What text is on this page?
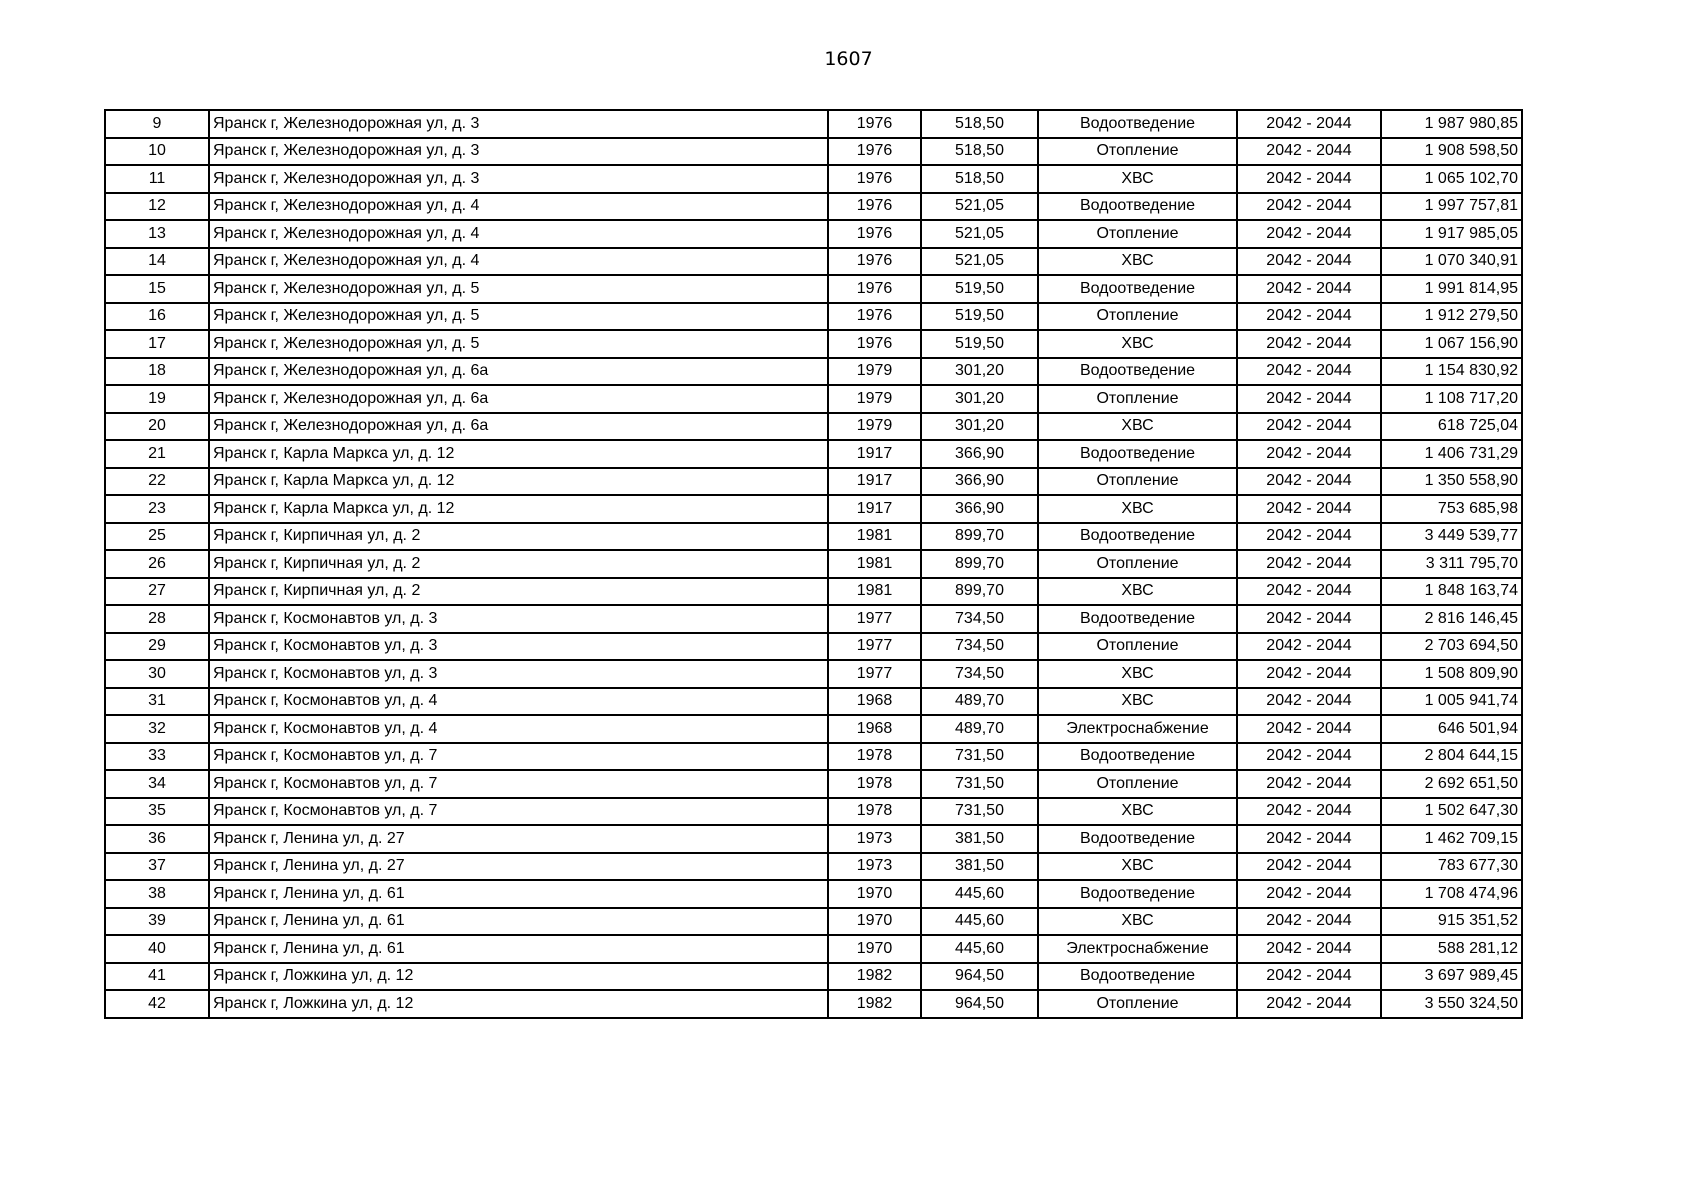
1607
9	Яранск г, Железнодорожная ул, д. 3	1976	518,50	Водоотведение	2042 - 2044	1 987 980,85
10	Яранск г, Железнодорожная ул, д. 3	1976	518,50	Отопление	2042 - 2044	1 908 598,50
11	Яранск г, Железнодорожная ул, д. 3	1976	518,50	ХВС	2042 - 2044	1 065 102,70
12	Яранск г, Железнодорожная ул, д. 4	1976	521,05	Водоотведение	2042 - 2044	1 997 757,81
13	Яранск г, Железнодорожная ул, д. 4	1976	521,05	Отопление	2042 - 2044	1 917 985,05
14	Яранск г, Железнодорожная ул, д. 4	1976	521,05	ХВС	2042 - 2044	1 070 340,91
15	Яранск г, Железнодорожная ул, д. 5	1976	519,50	Водоотведение	2042 - 2044	1 991 814,95
16	Яранск г, Железнодорожная ул, д. 5	1976	519,50	Отопление	2042 - 2044	1 912 279,50
17	Яранск г, Железнодорожная ул, д. 5	1976	519,50	ХВС	2042 - 2044	1 067 156,90
18	Яранск г, Железнодорожная ул, д. 6а	1979	301,20	Водоотведение	2042 - 2044	1 154 830,92
19	Яранск г, Железнодорожная ул, д. 6а	1979	301,20	Отопление	2042 - 2044	1 108 717,20
20	Яранск г, Железнодорожная ул, д. 6а	1979	301,20	ХВС	2042 - 2044	618 725,04
21	Яранск г, Карла Маркса ул, д. 12	1917	366,90	Водоотведение	2042 - 2044	1 406 731,29
22	Яранск г, Карла Маркса ул, д. 12	1917	366,90	Отопление	2042 - 2044	1 350 558,90
23	Яранск г, Карла Маркса ул, д. 12	1917	366,90	ХВС	2042 - 2044	753 685,98
25	Яранск г, Кирпичная ул, д. 2	1981	899,70	Водоотведение	2042 - 2044	3 449 539,77
26	Яранск г, Кирпичная ул, д. 2	1981	899,70	Отопление	2042 - 2044	3 311 795,70
27	Яранск г, Кирпичная ул, д. 2	1981	899,70	ХВС	2042 - 2044	1 848 163,74
28	Яранск г, Космонавтов ул, д. 3	1977	734,50	Водоотведение	2042 - 2044	2 816 146,45
29	Яранск г, Космонавтов ул, д. 3	1977	734,50	Отопление	2042 - 2044	2 703 694,50
30	Яранск г, Космонавтов ул, д. 3	1977	734,50	ХВС	2042 - 2044	1 508 809,90
31	Яранск г, Космонавтов ул, д. 4	1968	489,70	ХВС	2042 - 2044	1 005 941,74
32	Яранск г, Космонавтов ул, д. 4	1968	489,70	Электроснабжение	2042 - 2044	646 501,94
33	Яранск г, Космонавтов ул, д. 7	1978	731,50	Водоотведение	2042 - 2044	2 804 644,15
34	Яранск г, Космонавтов ул, д. 7	1978	731,50	Отопление	2042 - 2044	2 692 651,50
35	Яранск г, Космонавтов ул, д. 7	1978	731,50	ХВС	2042 - 2044	1 502 647,30
36	Яранск г, Ленина ул, д. 27	1973	381,50	Водоотведение	2042 - 2044	1 462 709,15
37	Яранск г, Ленина ул, д. 27	1973	381,50	ХВС	2042 - 2044	783 677,30
38	Яранск г, Ленина ул, д. 61	1970	445,60	Водоотведение	2042 - 2044	1 708 474,96
39	Яранск г, Ленина ул, д. 61	1970	445,60	ХВС	2042 - 2044	915 351,52
40	Яранск г, Ленина ул, д. 61	1970	445,60	Электроснабжение	2042 - 2044	588 281,12
41	Яранск г, Ложкина ул, д. 12	1982	964,50	Водоотведение	2042 - 2044	3 697 989,45
42	Яранск г, Ложкина ул, д. 12	1982	964,50	Отопление	2042 - 2044	3 550 324,50
